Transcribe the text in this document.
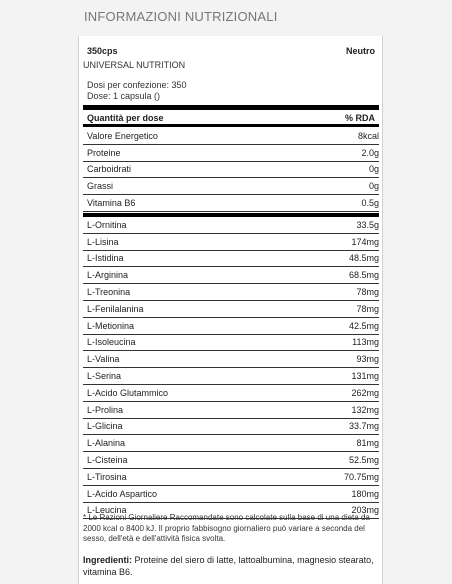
INFORMAZIONI NUTRIZIONALI
350cps	Neutro
UNIVERSAL NUTRITION
Dosi per confezione: 350
Dose: 1 capsula ()
Quantità per dose	% RDA
Valore Energetico	8kcal
Proteine	2.0g
Carboidrati	0g
Grassi	0g
Vitamina B6	0.5g
L-Ornitina	33.5g
L-Lisina	174mg
L-Istidina	48.5mg
L-Arginina	68.5mg
L-Treonina	78mg
L-Fenilalanina	78mg
L-Metionina	42.5mg
L-Isoleucina	113mg
L-Valina	93mg
L-Serina	131mg
L-Acido Glutammico	262mg
L-Prolina	132mg
L-Glicina	33.7mg
L-Alanina	81mg
L-Cisteina	52.5mg
L-Tirosina	70.75mg
L-Acido Aspartico	180mg
L-Leucina	203mg
* Le Razioni Giornaliere Raccomandate sono calcolate sulla base di una dieta da 2000 kcal o 8400 kJ. Il proprio fabbisogno giornaliero può variare a seconda del sesso, dell'età e dell'attività fisica svolta.
Ingredienti: Proteine del siero di latte, lattoalbumina, magnesio stearato, vitamina B6.
